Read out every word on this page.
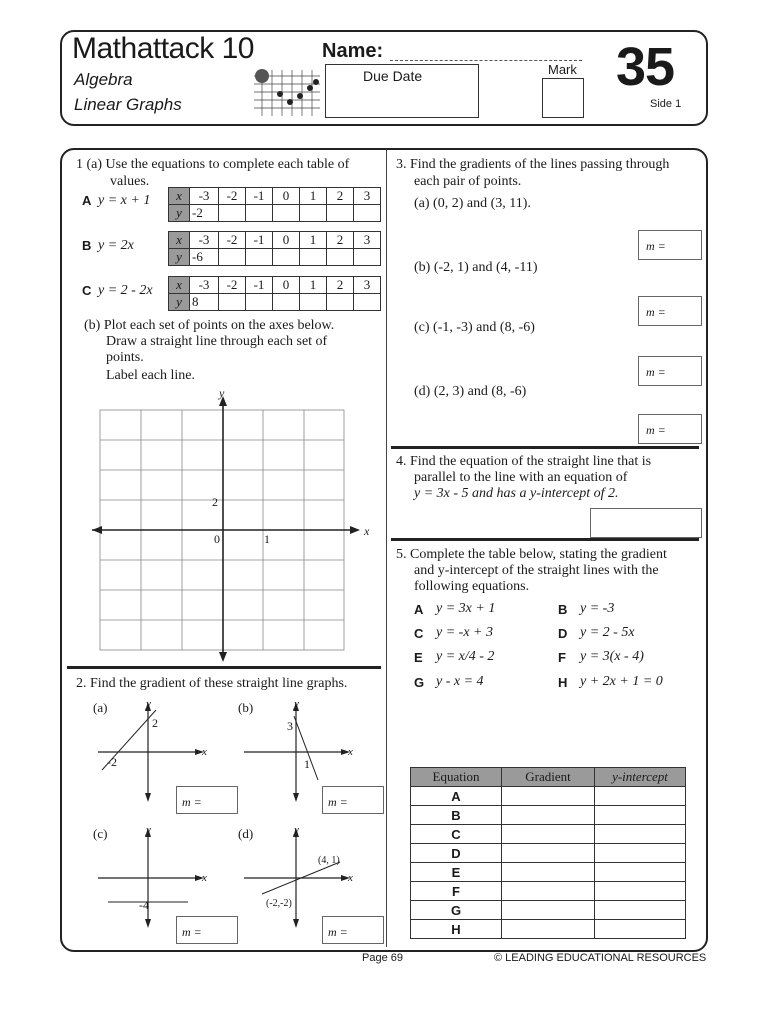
Mathattack 10
Algebra
Linear Graphs
Name:
Due Date	Mark 35
Side 1
1 (a) Use the equations to complete each table of
values.
A y = x + 1 x	-3	-2	-1	0	1	2	3
y	-2						
B y = 2x	x	-3	-2	-1	0	1	2	3
y	-6						
C y = 2 - 2x x	-3	-2	-1	0	1	2	3
y	8						
(b) Plot each set of points on the axes below.
Draw a straight line through each set of
points.
Label each line.
y
x
0	1
2
2. Find the gradient of these straight line graphs.
(a)	y
x
2
-2
m =
(b)	y
x
3
1
m =
(c)	y
x
-4
m =
(d)	y
x
(4, 1)
(-2,-2)
m =
3. Find the gradients of the lines passing through
each pair of points.
(a) (0, 2) and (3, 11).
m =
(b) (-2, 1) and (4, -11)
m =
(c) (-1, -3) and (8, -6)
m =
(d) (2, 3) and (8, -6)
m =
4. Find the equation of the straight line that is
parallel to the line with an equation of
y = 3x - 5 and has a y-intercept of 2.
5. Complete the table below, stating the gradient
and y-intercept of the straight lines with the
following equations.
A y = 3x + 1	B y = -3
C y = -x + 3	D y = 2 - 5x
E y = x/4 - 2	F y = 3(x - 4)
G y - x = 4	H y + 2x + 1 = 0
Equation	Gradient	y-intercept
A		
B		
C		
D		
E		
F		
G		
H		
Page 69	© LEADING EDUCATIONAL RESOURCES
